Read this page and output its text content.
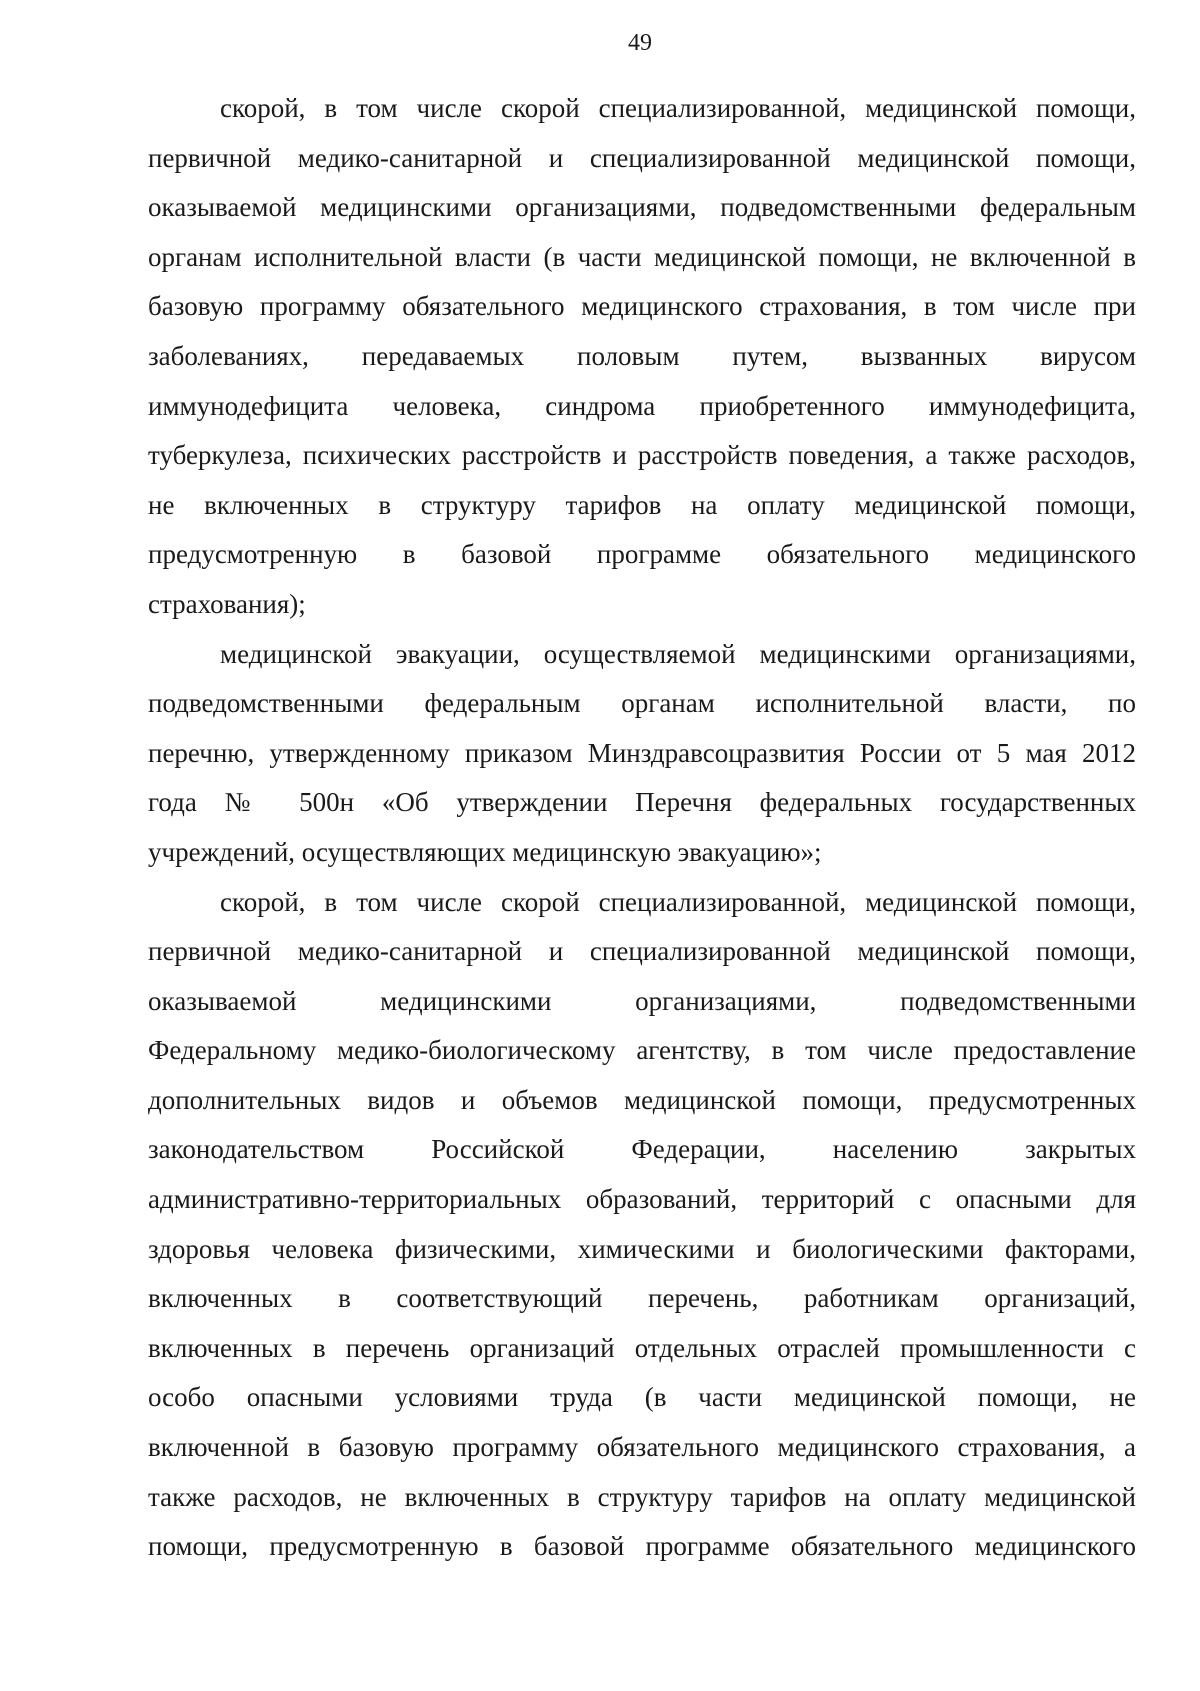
49
скорой, в том числе скорой специализированной, медицинской помощи,
первичной медико-санитарной и специализированной медицинской помощи,
оказываемой медицинскими организациями, подведомственными федеральным
органам исполнительной власти (в части медицинской помощи, не включенной в
базовую программу обязательного медицинского страхования, в том числе при
заболеваниях, передаваемых половым путем, вызванных вирусом
иммунодефицита человека, синдрома приобретенного иммунодефицита,
туберкулеза, психических расстройств и расстройств поведения, а также расходов,
не включенных в структуру тарифов на оплату медицинской помощи,
предусмотренную в базовой программе обязательного медицинского
страхования);
медицинской эвакуации, осуществляемой медицинскими организациями,
подведомственными федеральным органам исполнительной власти, по
перечню, утвержденному приказом Минздравсоцразвития России от 5 мая 2012
года № 500н «Об утверждении Перечня федеральных государственных
учреждений, осуществляющих медицинскую эвакуацию»;
скорой, в том числе скорой специализированной, медицинской помощи,
первичной медико-санитарной и специализированной медицинской помощи,
оказываемой медицинскими организациями, подведомственными
Федеральному медико-биологическому агентству, в том числе предоставление
дополнительных видов и объемов медицинской помощи, предусмотренных
законодательством Российской Федерации, населению закрытых
административно-территориальных образований, территорий с опасными для
здоровья человека физическими, химическими и биологическими факторами,
включенных в соответствующий перечень, работникам организаций,
включенных в перечень организаций отдельных отраслей промышленности с
особо опасными условиями труда (в части медицинской помощи, не
включенной в базовую программу обязательного медицинского страхования, а
также расходов, не включенных в структуру тарифов на оплату медицинской
помощи, предусмотренную в базовой программе обязательного медицинского
